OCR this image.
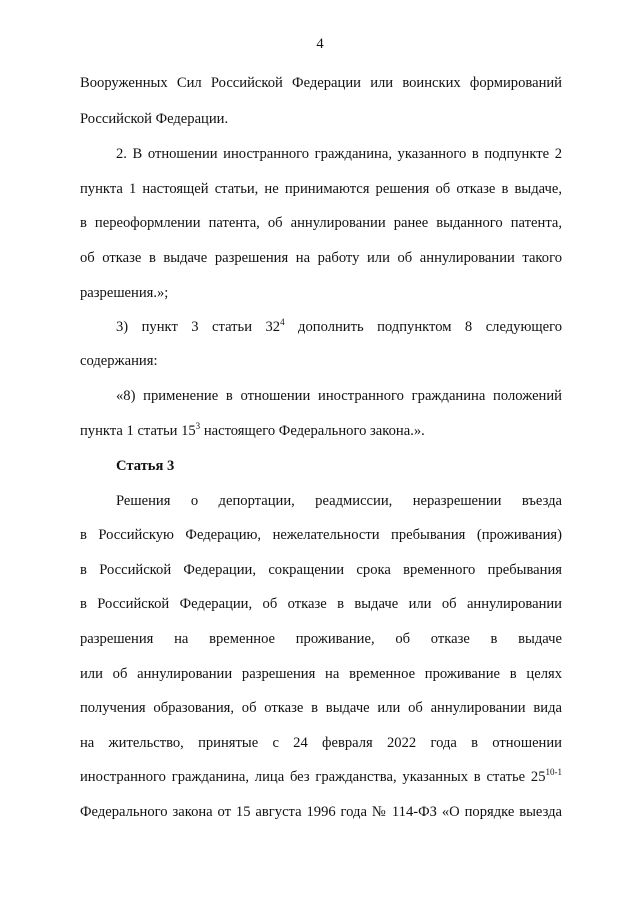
4
Вооруженных Сил Российской Федерации или воинских формирований
Российской Федерации.
2. В отношении иностранного гражданина, указанного в подпункте 2
пункта 1 настоящей статьи, не принимаются решения об отказе в выдаче,
в переоформлении патента, об аннулировании ранее выданного патента,
об отказе в выдаче разрешения на работу или об аннулировании такого
разрешения.»;
3) пункт 3 статьи $32^4$ дополнить подпунктом 8 следующего
содержания:
«8) применение в отношении иностранного гражданина положений
пункта 1 статьи $15^3$ настоящего Федерального закона.».
Статья 3
Решения о депортации, реадмиссии, неразрешении въезда
в Российскую Федерацию, нежелательности пребывания (проживания)
в Российской Федерации, сокращении срока временного пребывания
в Российской Федерации, об отказе в выдаче или об аннулировании
разрешения на временное проживание, об отказе в выдаче
или об аннулировании разрешения на временное проживание в целях
получения образования, об отказе в выдаче или об аннулировании вида
на жительство, принятые с 24 февраля 2022 года в отношении
иностранного гражданина, лица без гражданства, указанных в статье 25$^{10-1}$
Федерального закона от 15 августа 1996 года № 114-ФЗ «О порядке выезда
